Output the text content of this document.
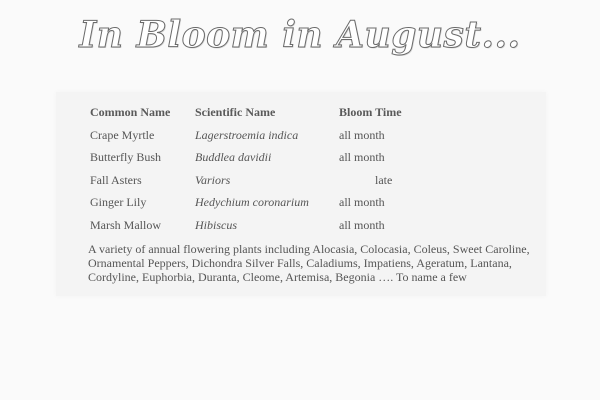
In Bloom in August...
Common Name	Scientific Name	Bloom Time
Crape Myrtle	Lagerstroemia indica	all month
Butterfly Bush	Buddlea davidii	all month
Fall Asters	Variors	late
Ginger Lily	Hedychium coronarium	all month
Marsh Mallow	Hibiscus	all month

A variety of annual flowering plants including Alocasia, Colocasia, Coleus, Sweet Caroline, Ornamental Peppers, Dichondra Silver Falls, Caladiums, Impatiens, Ageratum, Lantana, Cordyline, Euphorbia, Duranta, Cleome, Artemisa, Begonia …. To name a few
